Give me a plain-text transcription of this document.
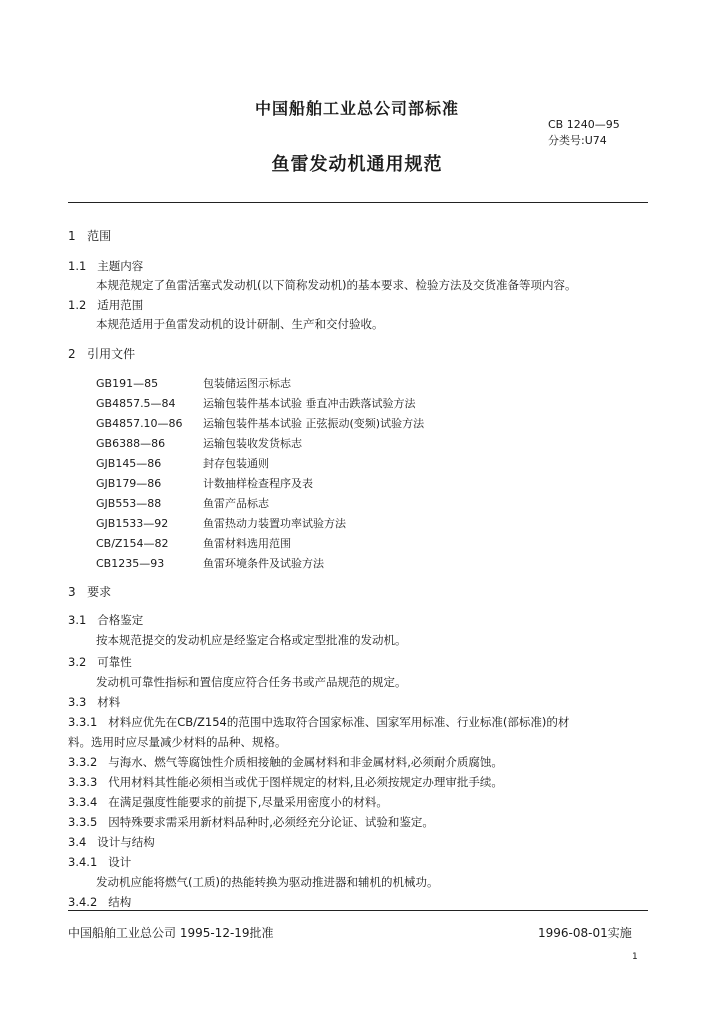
中国船舶工业总公司部标准
CB 1240—95
分类号:U74
鱼雷发动机通用规范
1 范围
1.1 主题内容
本规范规定了鱼雷活塞式发动机(以下简称发动机)的基本要求、检验方法及交货准备等项内容。
1.2 适用范围
本规范适用于鱼雷发动机的设计研制、生产和交付验收。
2 引用文件
GB191—85	包装储运图示标志
GB4857.5—84 运输包装件基本试验 垂直冲击跌落试验方法
GB4857.10—86 运输包装件基本试验 正弦振动(变频)试验方法
GB6388—86	运输包装收发货标志
GJB145—86	封存包装通则
GJB179—86	计数抽样检查程序及表
GJB553—88	鱼雷产品标志
GJB1533—92	鱼雷热动力装置功率试验方法
CB/Z154—82	鱼雷材料选用范围
CB1235—93	鱼雷环境条件及试验方法
3 要求
3.1 合格鉴定
按本规范提交的发动机应是经鉴定合格或定型批准的发动机。
3.2 可靠性
发动机可靠性指标和置信度应符合任务书或产品规范的规定。
3.3 材料
3.3.1 材料应优先在CB/Z154的范围中选取符合国家标准、国家军用标准、行业标准(部标准)的材
料。选用时应尽量减少材料的品种、规格。
3.3.2 与海水、燃气等腐蚀性介质相接触的金属材料和非金属材料,必须耐介质腐蚀。
3.3.3 代用材料其性能必须相当或优于图样规定的材料,且必须按规定办理审批手续。
3.3.4 在满足强度性能要求的前提下,尽量采用密度小的材料。
3.3.5 因特殊要求需采用新材料品种时,必须经充分论证、试验和鉴定。
3.4 设计与结构
3.4.1 设计
发动机应能将燃气(工质)的热能转换为驱动推进器和辅机的机械功。
3.4.2 结构
中国船舶工业总公司 1995-12-19批准	1996-08-01实施
1
